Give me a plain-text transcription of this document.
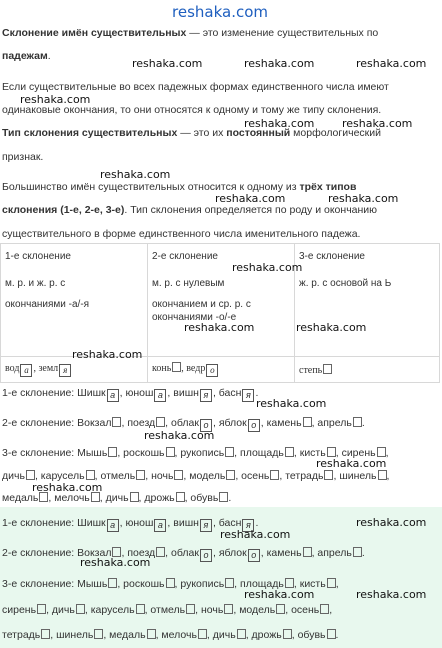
reshaka.com
Склонение имён существительных — это изменение существительных по
падежам.
Если существительные во всех падежных формах единственного числа имеют
одинаковые окончания, то они относятся к одному и тому же типу склонения.
Тип склонения существительных — это их постоянный морфологический
признак.
Большинство имён существительных относится к одному из трёх типов
склонения (1-е, 2-е, 3-е). Тип склонения определяется по роду и окончанию
существительного в форме единственного числа именительного падежа.
1-е склонение
м. р. и ж. р. с
окончаниями -а/-я	2-е склонение
м. р. с нулевым
окончанием и ср. р. с
окончаниями -о/-е	3-е склонение
ж. р. с основой на Ь

вод а , земл я	конь , ведр о	степь
1-е склонение: Шишк а , юнош а , вишн я , басн я .
2-е склонение: Вокзал , поезд , облак о , яблок о , камень , апрель .
3-е склонение: Мышь , роскошь , рукопись , площадь , кисть , сирень ,
дичь , карусель , отмель , ночь , модель , осень , тетрадь , шинель ,
медаль , мелочь , дичь , дрожь , обувь .
1-е склонение: Шишк а , юнош а , вишн я , басн я .
2-е склонение: Вокзал , поезд , облак о , яблок о , камень , апрель .
3-е склонение: Мышь , роскошь , рукопись , площадь , кисть ,
сирень , дичь , карусель , отмель , ночь , модель , осень ,
тетрадь , шинель , медаль , мелочь , дичь , дрожь , обувь .
reshaka.com	reshaka.com	reshaka.com
reshaka.com
reshaka.com	reshaka.com
reshaka.com
reshaka.com	reshaka.com
reshaka.com
reshaka.com	reshaka.com
reshaka.com
reshaka.com
reshaka.com
reshaka.com
reshaka.com
reshaka.com
reshaka.com
reshaka.com
reshaka.com	reshaka.com
